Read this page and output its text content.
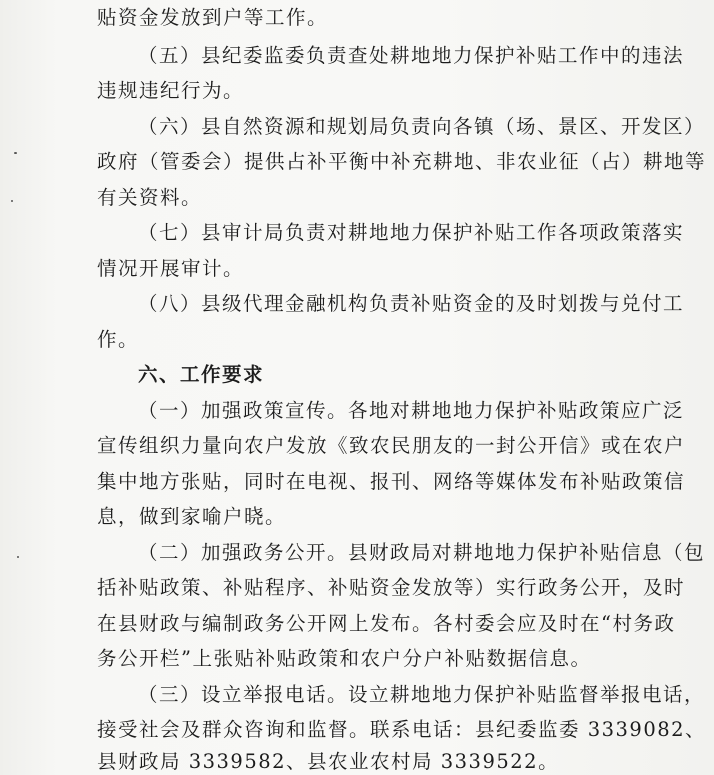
贴资金发放到户等工作。
（五）县纪委监委负责查处耕地地力保护补贴工作中的违法
违规违纪行为。
（六）县自然资源和规划局负责向各镇（场、景区、开发区）
政府（管委会）提供占补平衡中补充耕地、非农业征（占）耕地等
有关资料。
（七）县审计局负责对耕地地力保护补贴工作各项政策落实
情况开展审计。
（八）县级代理金融机构负责补贴资金的及时划拨与兑付工
作。
六、工作要求
（一）加强政策宣传。各地对耕地地力保护补贴政策应广泛
宣传组织力量向农户发放《致农民朋友的一封公开信》或在农户
集中地方张贴，同时在电视、报刊、网络等媒体发布补贴政策信
息，做到家喻户晓。
（二）加强政务公开。县财政局对耕地地力保护补贴信息（包
括补贴政策、补贴程序、补贴资金发放等）实行政务公开，及时
在县财政与编制政务公开网上发布。各村委会应及时在“村务政
务公开栏”上张贴补贴政策和农户分户补贴数据信息。
（三）设立举报电话。设立耕地地力保护补贴监督举报电话，
接受社会及群众咨询和监督。联系电话：县纪委监委 3339082、
县财政局 3339582、县农业农村局 3339522。
